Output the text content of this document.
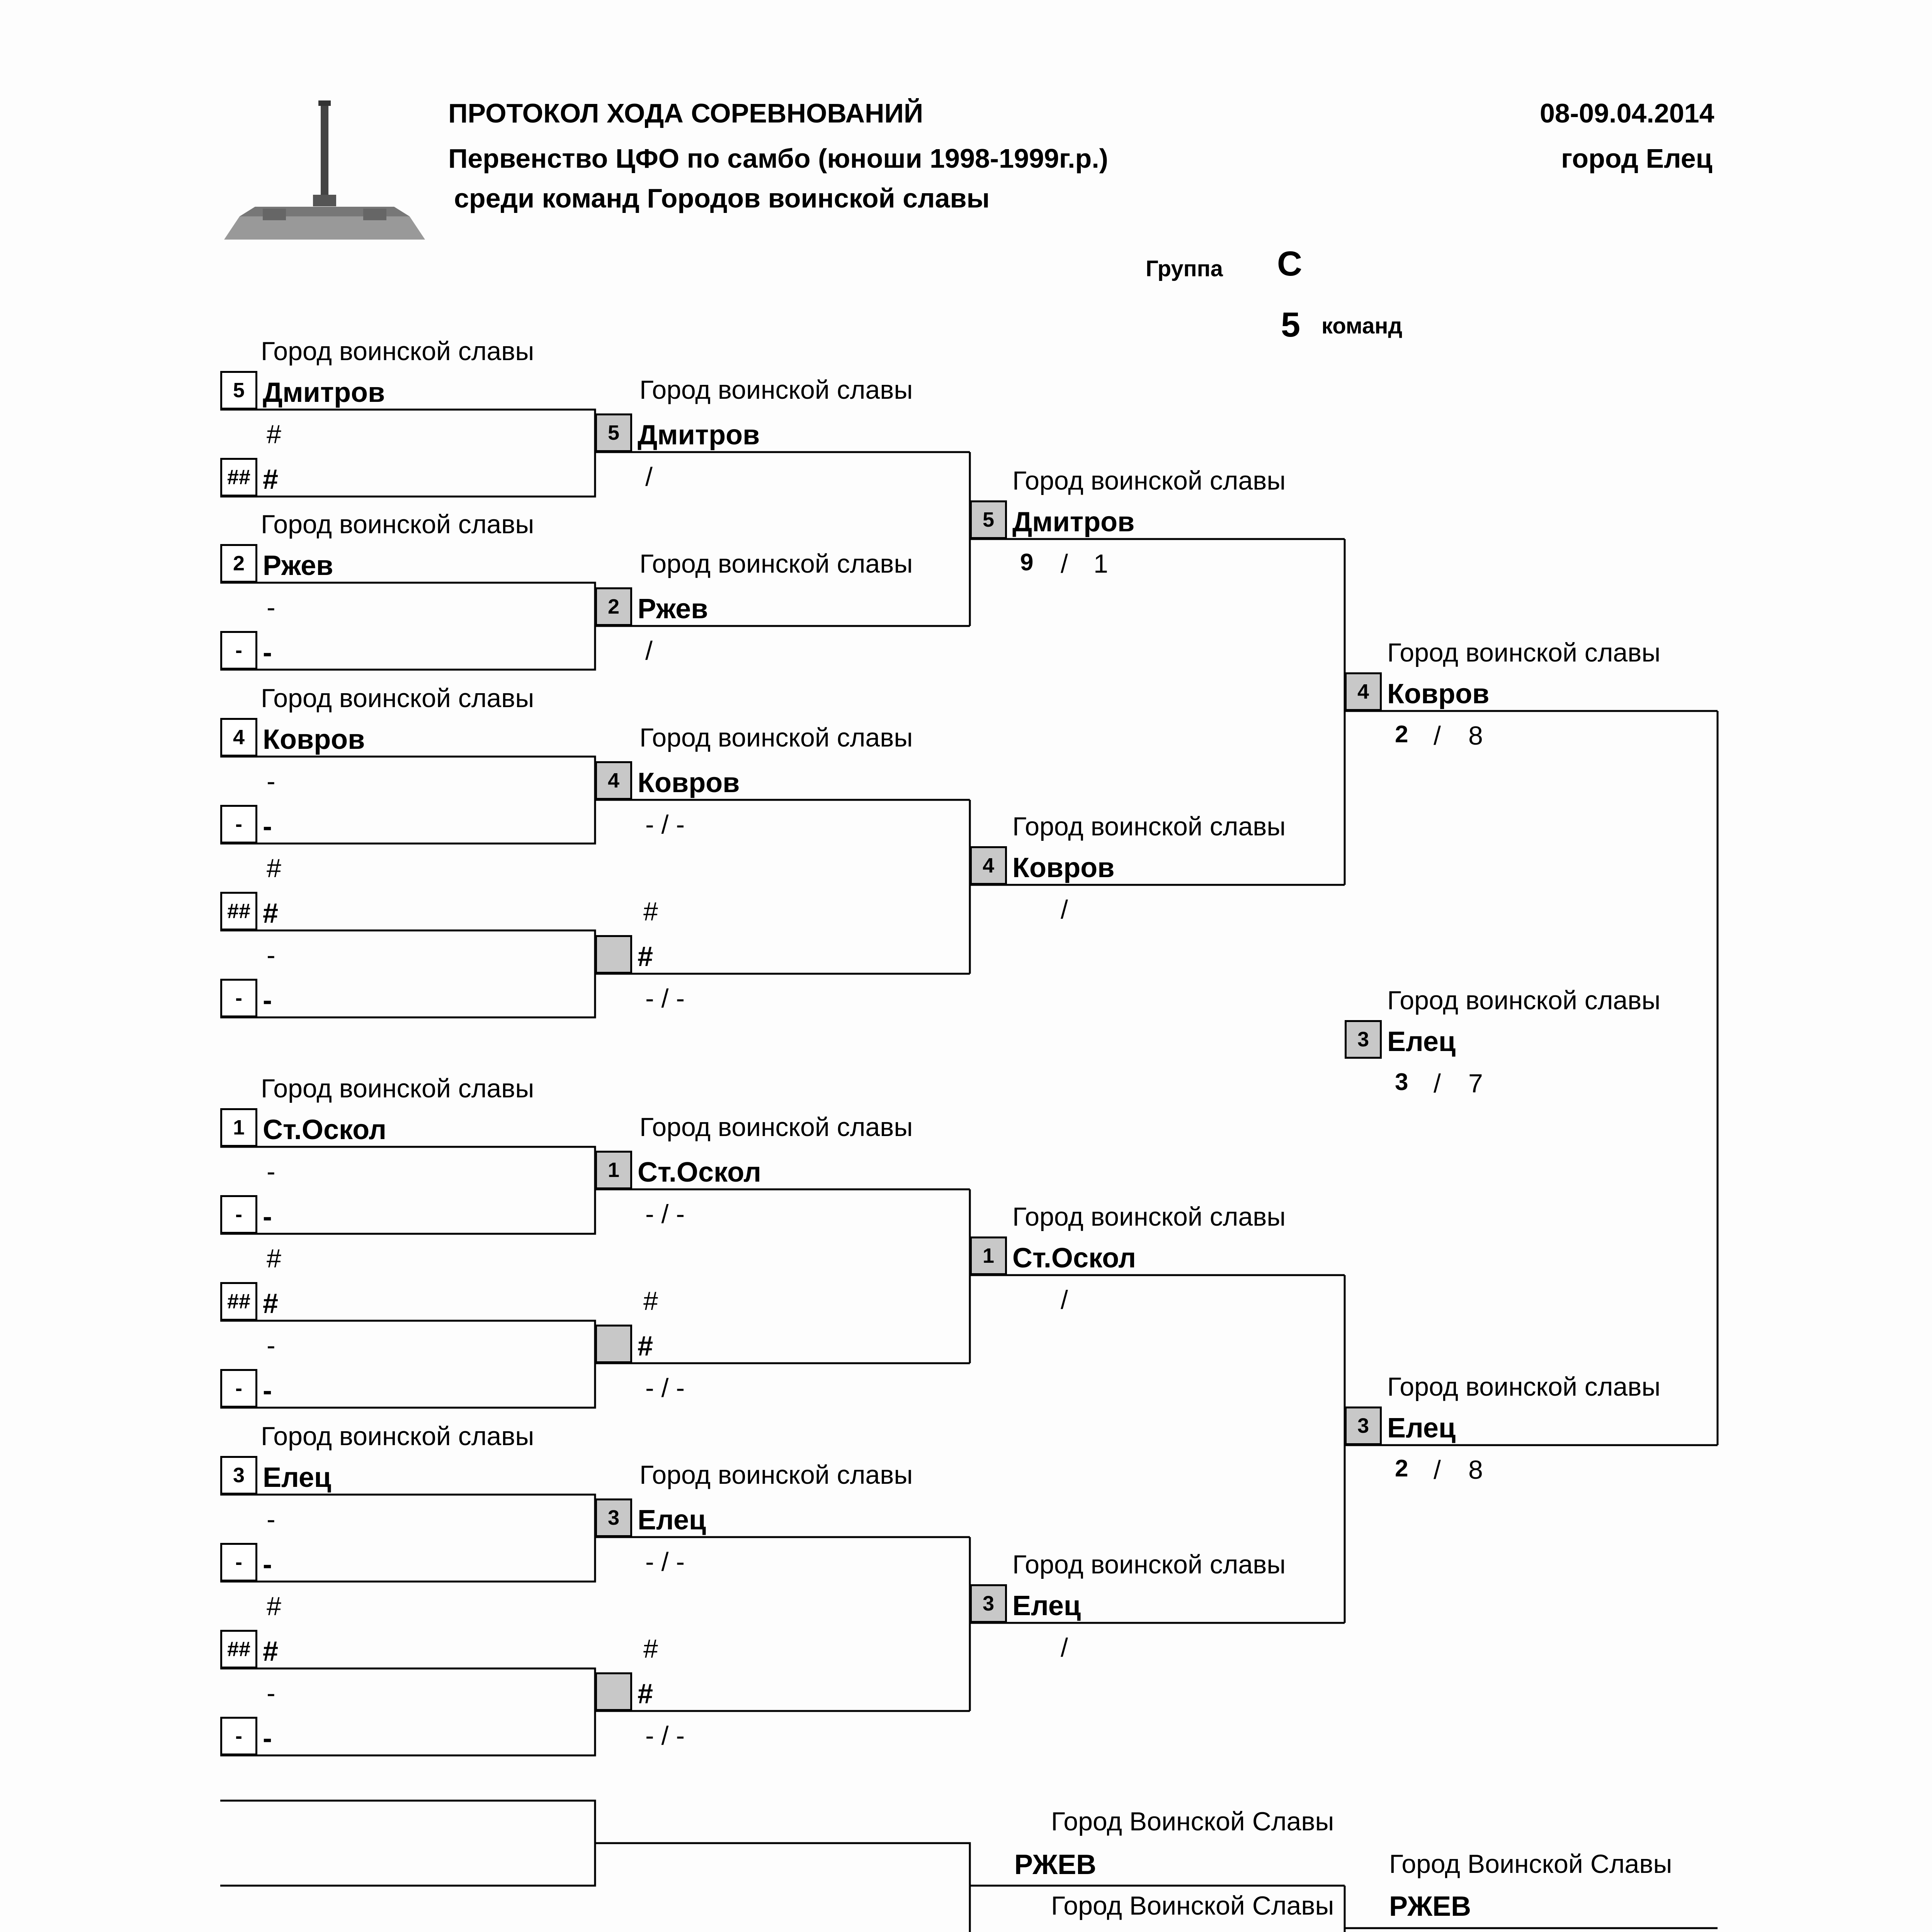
ПРОТОКОЛ ХОДА СОРЕВНОВАНИЙ
Первенство ЦФО по самбо (юноши 1998-1999г.р.)
среди команд Городов воинской славы
08-09.04.2014
город Елец
Группа С
5 команд
Город воинской славы
5 Дмитров
#
## #
Город воинской славы
2 Ржев
-
- -
Город воинской славы
4 Ковров
-
- -
#
## #
-
- -
Город воинской славы
1 Ст.Оскол
-
- -
#
## #
-
- -
Город воинской славы
3 Елец
-
- -
#
## #
-
- -
5
Город воинской славы
Дмитров
/
2
Город воинской славы
Ржев
/
4
Город воинской славы
Ковров
- / -
#
#
- / -
1
Город воинской славы
Ст.Оскол
- / -
#
#
- / -
3
Город воинской славы
Елец
- / -
#
#
- / -
Город воинской славы
5 Дмитров
9 / 1
Город воинской славы
4 Ковров
/
Город воинской славы
1 Ст.Оскол
/
Город воинской славы
3 Елец
/
Город воинской славы
4 Ковров
2 / 8
Город воинской славы
3 Елец
3 / 7
Город воинской славы
3 Елец
2 / 8
Город Воинской Славы
РЖЕВ
Город Воинской Славы
Город Воинской Славы
РЖЕВ
